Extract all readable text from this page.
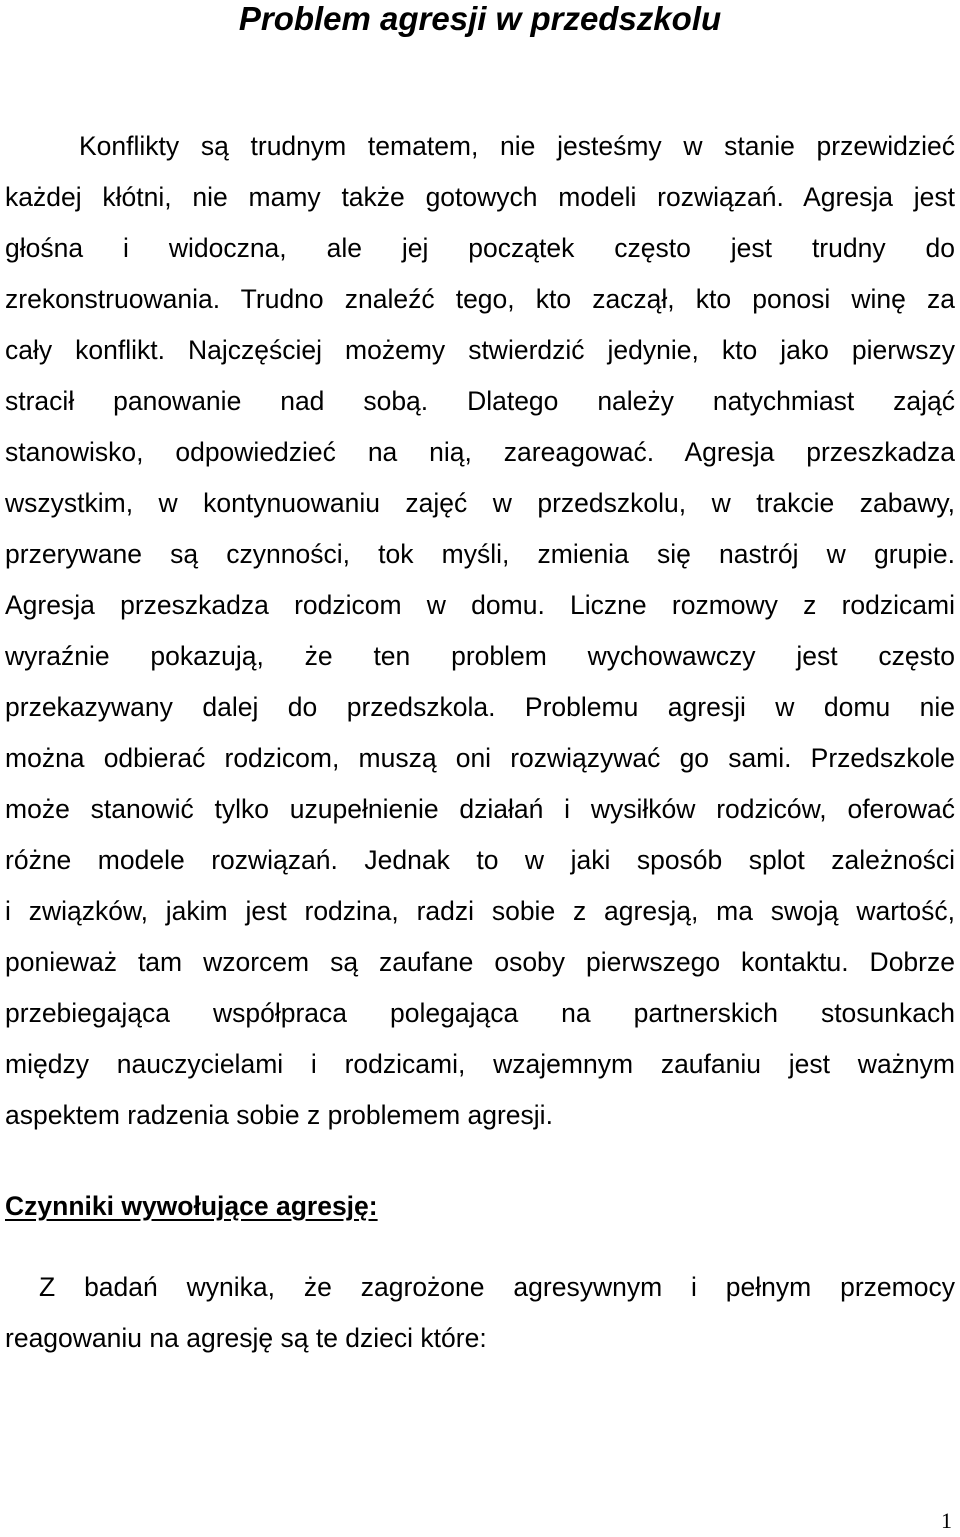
Problem agresji w przedszkolu
Konflikty są trudnym tematem, nie jesteśmy w stanie przewidzieć
każdej kłótni, nie mamy także gotowych modeli rozwiązań. Agresja jest
głośna i widoczna, ale jej początek często jest trudny do
zrekonstruowania. Trudno znaleźć tego, kto zaczął, kto ponosi winę za
cały konflikt. Najczęściej możemy stwierdzić jedynie, kto jako pierwszy
stracił panowanie nad sobą. Dlatego należy natychmiast zająć
stanowisko, odpowiedzieć na nią, zareagować. Agresja przeszkadza
wszystkim, w kontynuowaniu zajęć w przedszkolu, w trakcie zabawy,
przerywane są czynności, tok myśli, zmienia się nastrój w grupie.
Agresja przeszkadza rodzicom w domu. Liczne rozmowy z rodzicami
wyraźnie pokazują, że ten problem wychowawczy jest często
przekazywany dalej do przedszkola. Problemu agresji w domu nie
można odbierać rodzicom, muszą oni rozwiązywać go sami. Przedszkole
może stanowić tylko uzupełnienie działań i wysiłków rodziców, oferować
różne modele rozwiązań. Jednak to w jaki sposób splot zależności
i związków, jakim jest rodzina, radzi sobie z agresją, ma swoją wartość,
ponieważ tam wzorcem są zaufane osoby pierwszego kontaktu. Dobrze
przebiegająca współpraca polegająca na partnerskich stosunkach
między nauczycielami i rodzicami, wzajemnym zaufaniu jest ważnym
aspektem radzenia sobie z problemem agresji.
Czynniki wywołujące agresję:
Z badań wynika, że zagrożone agresywnym i pełnym przemocy
reagowaniu na agresję są te dzieci które:
1
